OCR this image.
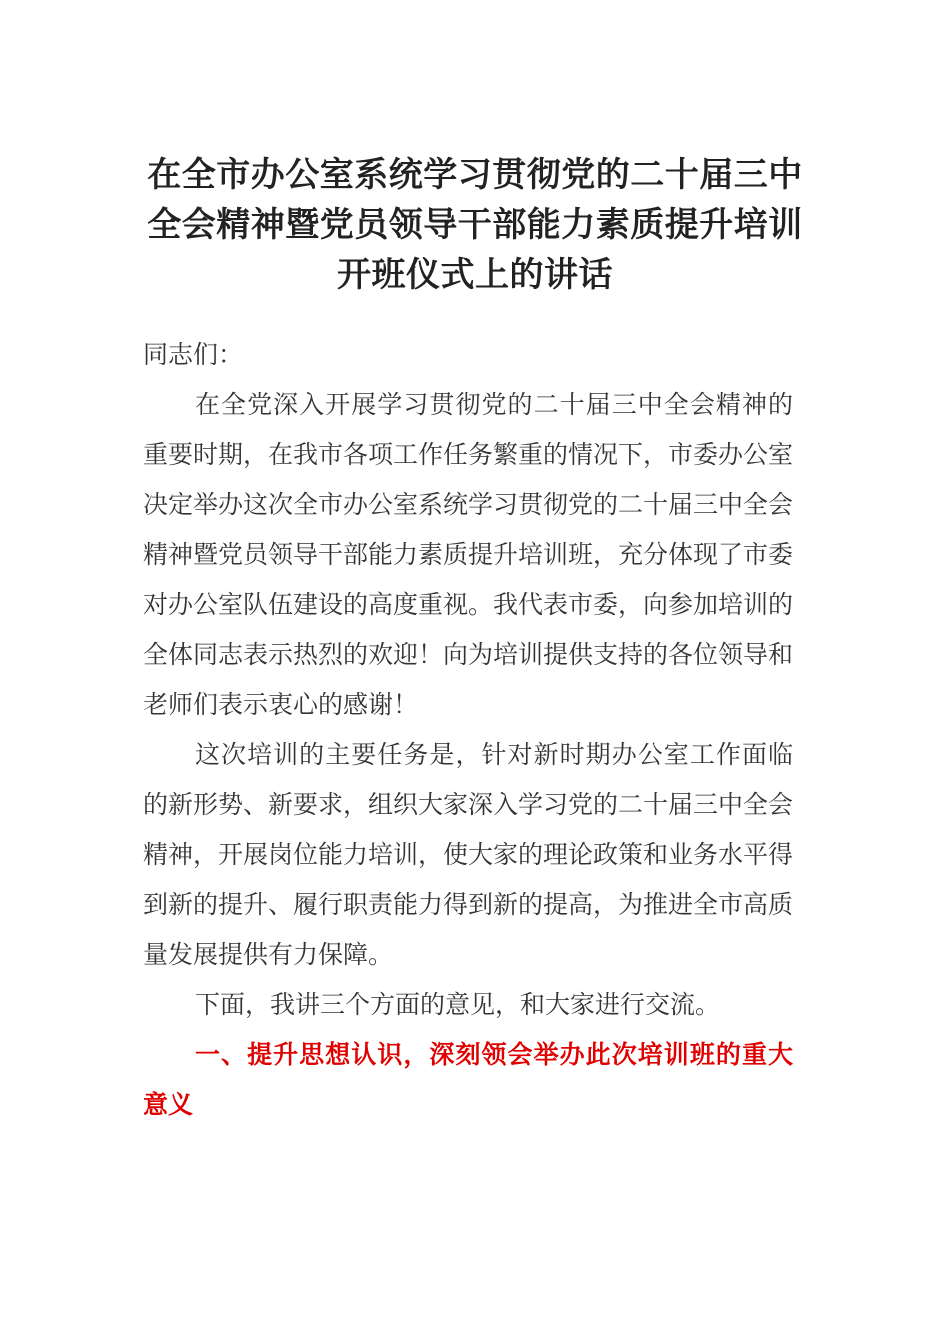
在全市办公室系统学习贯彻党的二十届三中全会精神暨党员领导干部能力素质提升培训开班仪式上的讲话

同志们：

在全党深入开展学习贯彻党的二十届三中全会精神的重要时期，在我市各项工作任务繁重的情况下，市委办公室决定举办这次全市办公室系统学习贯彻党的二十届三中全会精神暨党员领导干部能力素质提升培训班，充分体现了市委对办公室队伍建设的高度重视。我代表市委，向参加培训的全体同志表示热烈的欢迎！向为培训提供支持的各位领导和老师们表示衷心的感谢！

这次培训的主要任务是，针对新时期办公室工作面临的新形势、新要求，组织大家深入学习党的二十届三中全会精神，开展岗位能力培训，使大家的理论政策和业务水平得到新的提升、履行职责能力得到新的提高，为推进全市高质量发展提供有力保障。

下面，我讲三个方面的意见，和大家进行交流。

一、提升思想认识，深刻领会举办此次培训班的重大意义
